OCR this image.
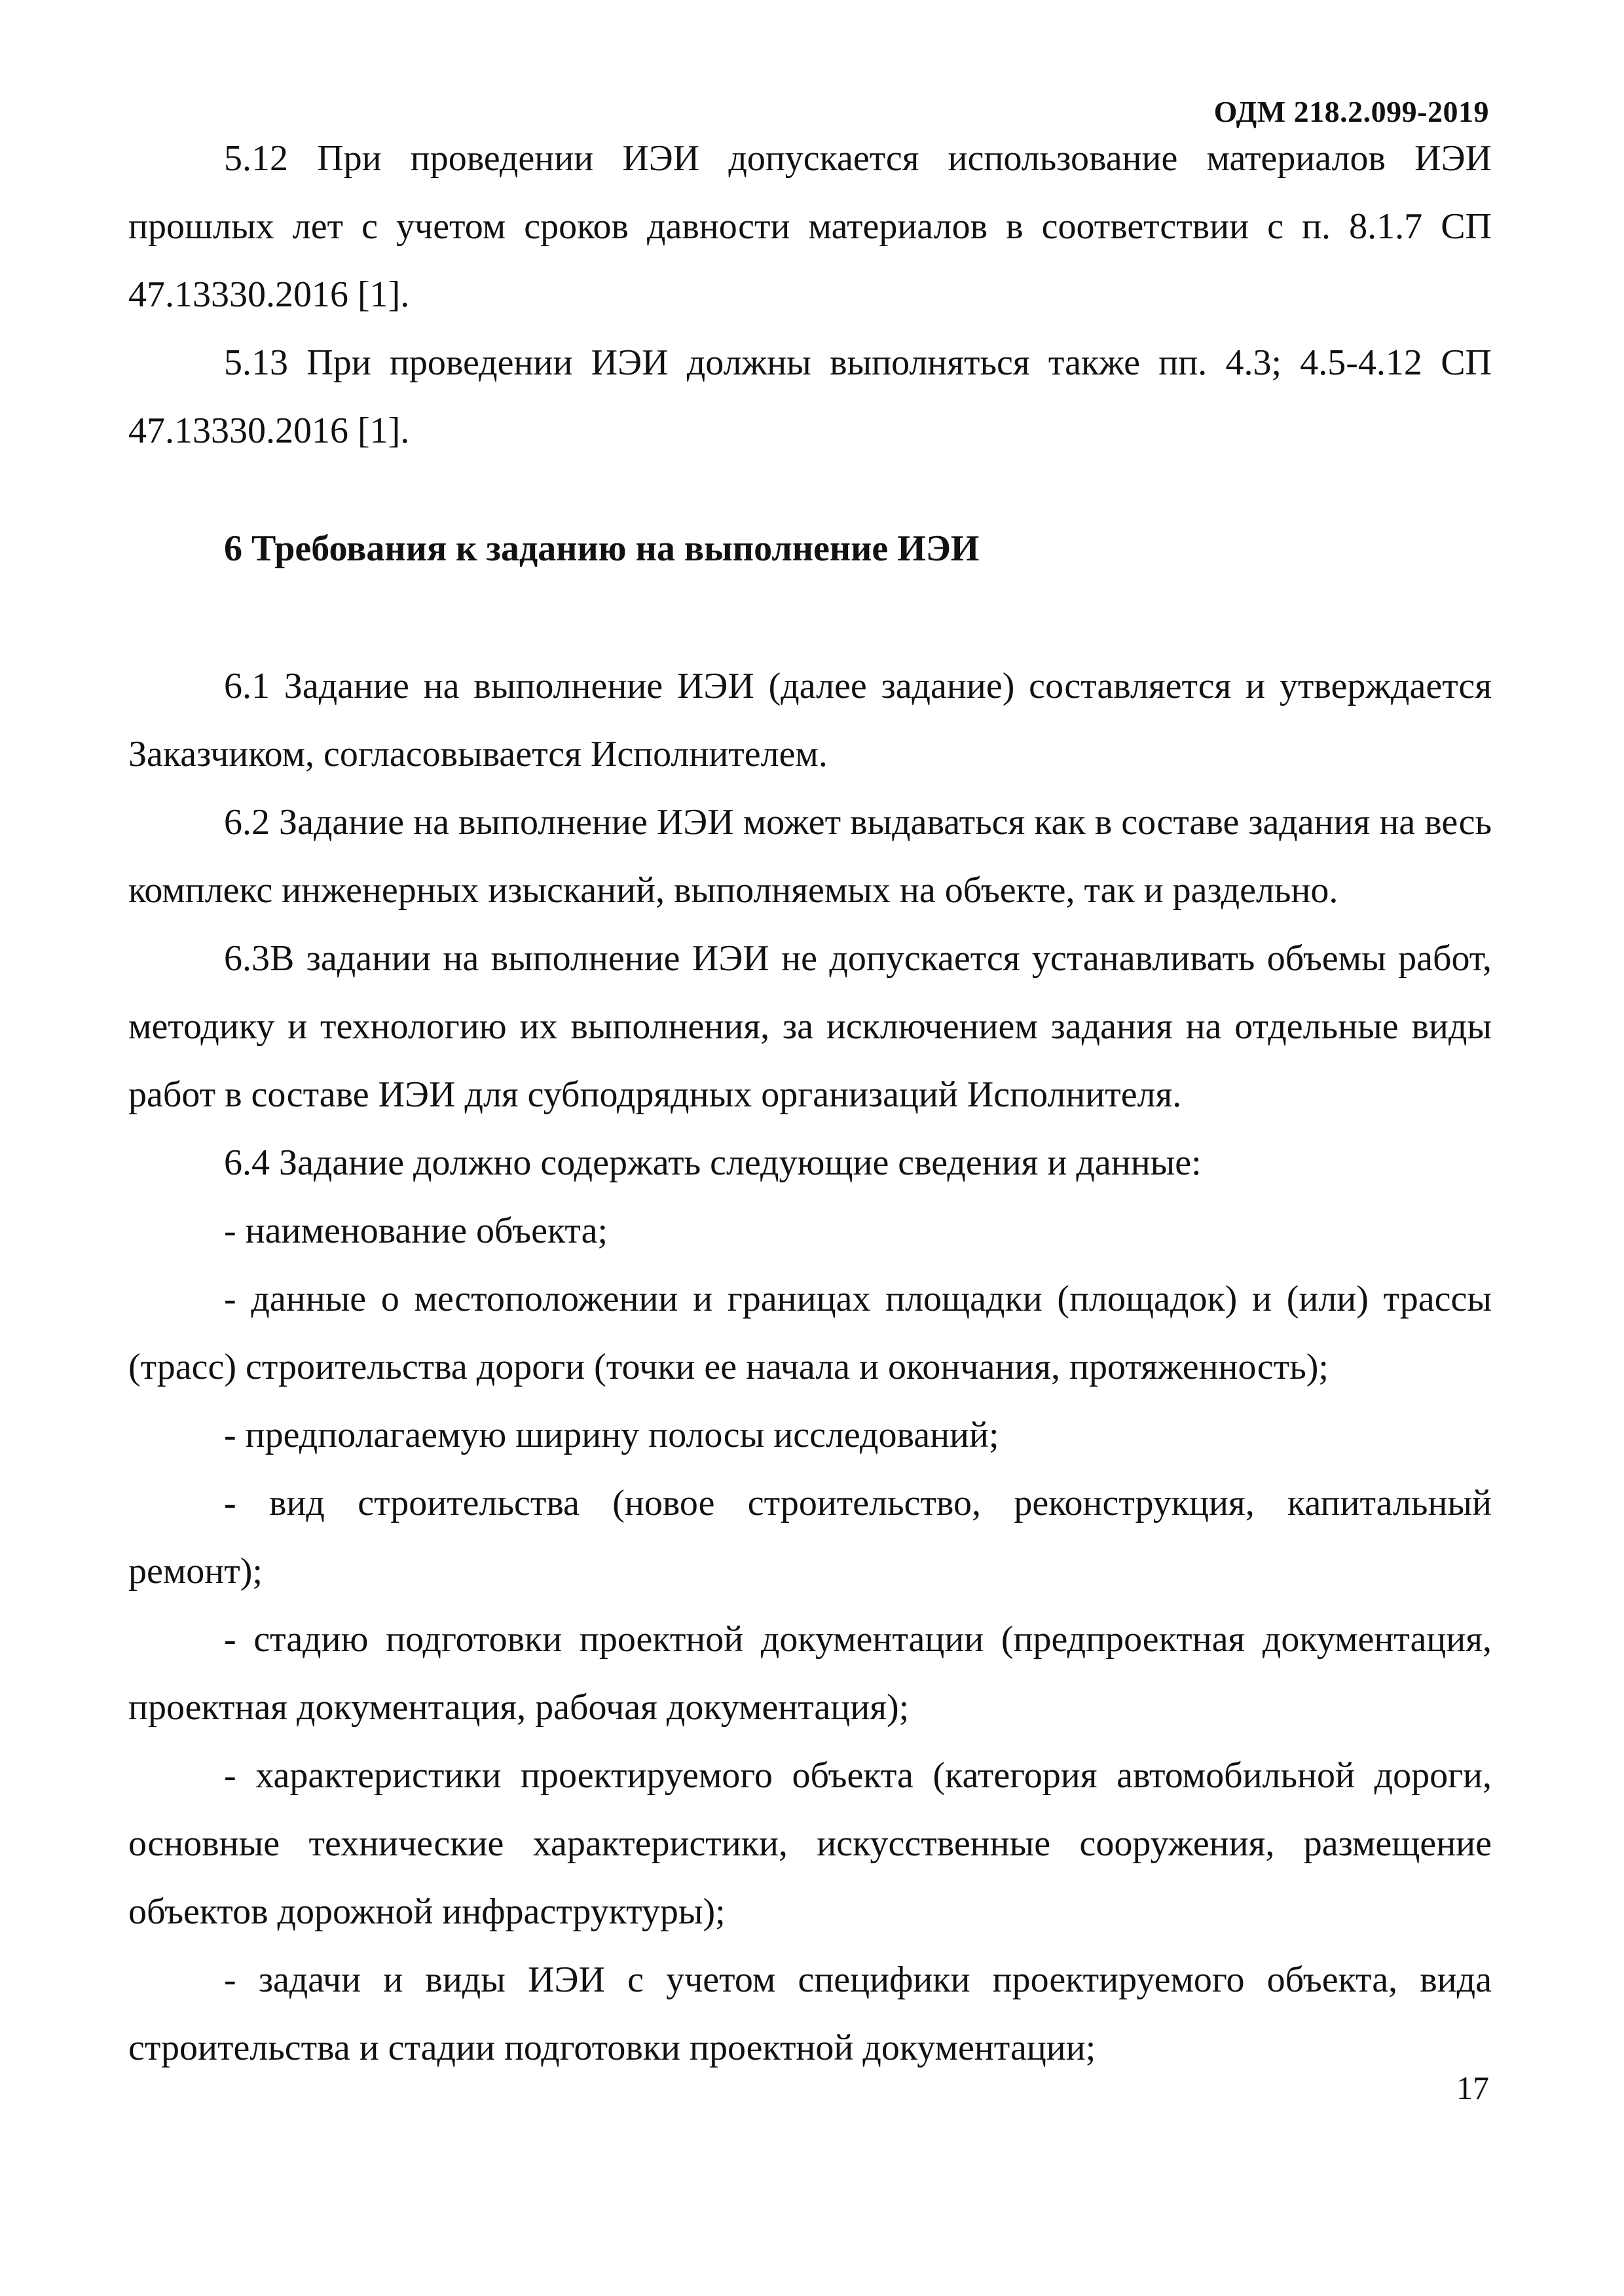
ОДМ 218.2.099-2019

5.12 При проведении ИЭИ допускается использование материалов ИЭИ прошлых лет с учетом сроков давности материалов в соответствии с п. 8.1.7 СП 47.13330.2016 [1].

5.13 При проведении ИЭИ должны выполняться также пп. 4.3; 4.5-4.12 СП 47.13330.2016 [1].

6 Требования к заданию на выполнение ИЭИ

6.1 Задание на выполнение ИЭИ (далее задание) составляется и утверждается Заказчиком, согласовывается Исполнителем.

6.2 Задание на выполнение ИЭИ может выдаваться как в составе задания на весь комплекс инженерных изысканий, выполняемых на объекте, так и раздельно.

6.3В задании на выполнение ИЭИ не допускается устанавливать объемы работ, методику и технологию их выполнения, за исключением задания на отдельные виды работ в составе ИЭИ для субподрядных организаций Исполнителя.

6.4 Задание должно содержать следующие сведения и данные:

- наименование объекта;

- данные о местоположении и границах площадки (площадок) и (или) трассы (трасс) строительства дороги (точки ее начала и окончания, протяженность);

- предполагаемую ширину полосы исследований;

- вид строительства (новое строительство, реконструкция, капитальный ремонт);

- стадию подготовки проектной документации (предпроектная документация, проектная документация, рабочая документация);

- характеристики проектируемого объекта (категория автомобильной дороги, основные технические характеристики, искусственные сооружения, размещение объектов дорожной инфраструктуры);

- задачи и виды ИЭИ с учетом специфики проектируемого объекта, вида строительства и стадии подготовки проектной документации;

17
